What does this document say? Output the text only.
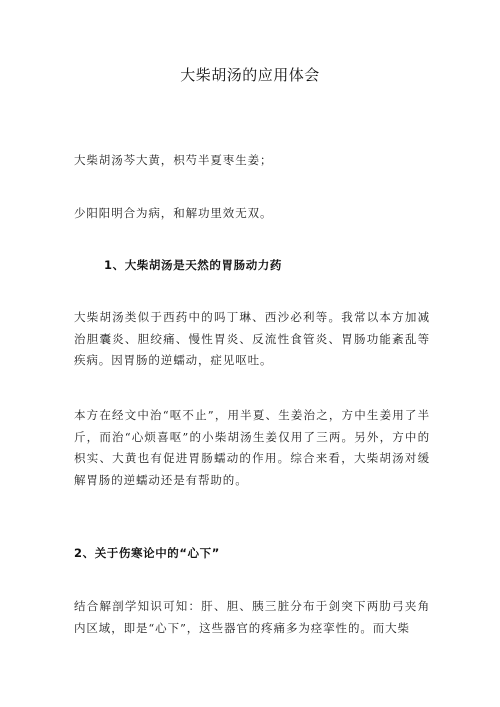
大柴胡汤的应用体会
大柴胡汤芩大黄，枳芍半夏枣生姜；
少阳阳明合为病，和解功里效无双。
1、大柴胡汤是天然的胃肠动力药
大柴胡汤类似于西药中的吗丁琳、西沙必利等。我常以本方加减治胆囊炎、胆绞痛、慢性胃炎、反流性食管炎、胃肠功能紊乱等疾病。因胃肠的逆蠕动，症见呕吐。
本方在经文中治“呕不止”，用半夏、生姜治之，方中生姜用了半斤，而治“心烦喜呕”的小柴胡汤生姜仅用了三两。另外，方中的枳实、大黄也有促进胃肠蠕动的作用。综合来看，大柴胡汤对缓解胃肠的逆蠕动还是有帮助的。
2、关于伤寒论中的“心下”
结合解剖学知识可知：肝、胆、胰三脏分布于剑突下两肋弓夹角内区域，即是“心下”，这些器官的疼痛多为痉挛性的。而大柴
